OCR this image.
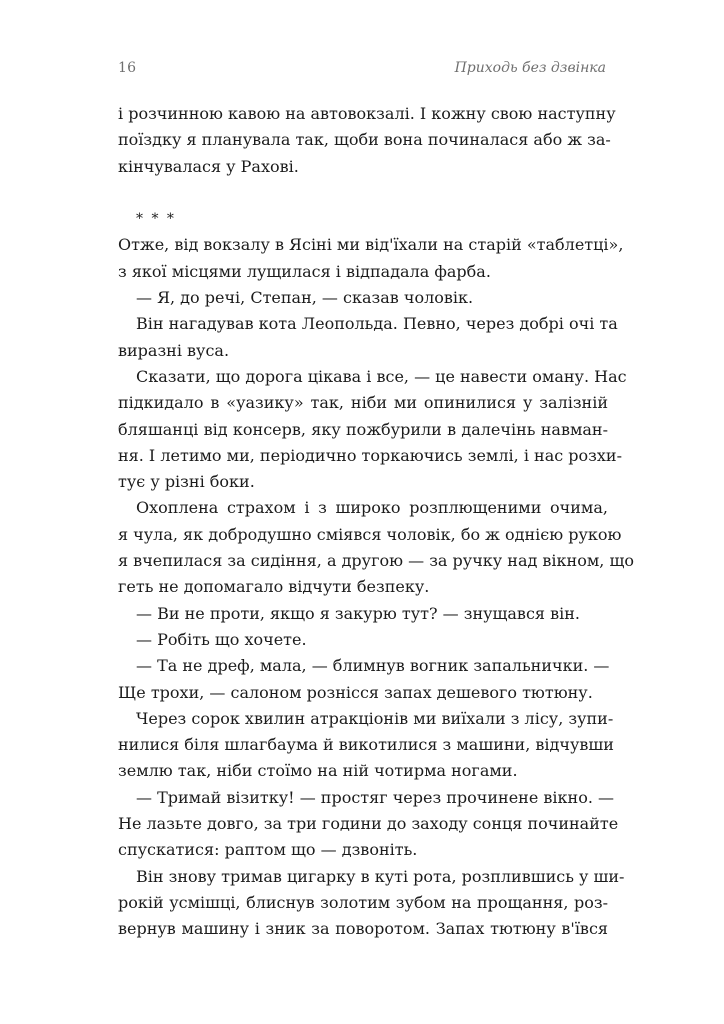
16	Приходь без дзвінка
і розчинною кавою на автовокзалі. І кожну свою наступну
поїздку я планувала так, щоби вона починалася або ж за-
кінчувалася у Рахові.
* * *
Отже, від вокзалу в Ясіні ми від'їхали на старій «таблетці»,
з якої місцями лущилася і відпадала фарба.
— Я, до речі, Степан, — сказав чоловік.
Він нагадував кота Леопольда. Певно, через добрі очі та
виразні вуса.
Сказати, що дорога цікава і все, — це навести оману. Нас
підкидало в «уазику» так, ніби ми опинилися у залізній
бляшанці від консерв, яку пожбурили в далечінь навман-
ня. І летимо ми, періодично торкаючись землі, і нас розхи-
тує у різні боки.
Охоплена страхом і з широко розплющеними очима,
я чула, як добродушно сміявся чоловік, бо ж однією рукою
я вчепилася за сидіння, а другою — за ручку над вікном, що
геть не допомагало відчути безпеку.
— Ви не проти, якщо я закурю тут? — знущався він.
— Робіть що хочете.
— Та не дреф, мала, — блимнув вогник запальнички. —
Ще трохи, — салоном рознісся запах дешевого тютюну.
Через сорок хвилин атракціонів ми виїхали з лісу, зупи-
нилися біля шлагбаума й викотилися з машини, відчувши
землю так, ніби стоїмо на ній чотирма ногами.
— Тримай візитку! — простяг через прочинене вікно. —
Не лазьте довго, за три години до заходу сонця починайте
спускатися: раптом що — дзвоніть.
Він знову тримав цигарку в куті рота, розплившись у ши-
рокій усмішці, блиснув золотим зубом на прощання, роз-
вернув машину і зник за поворотом. Запах тютюну в'ївся
